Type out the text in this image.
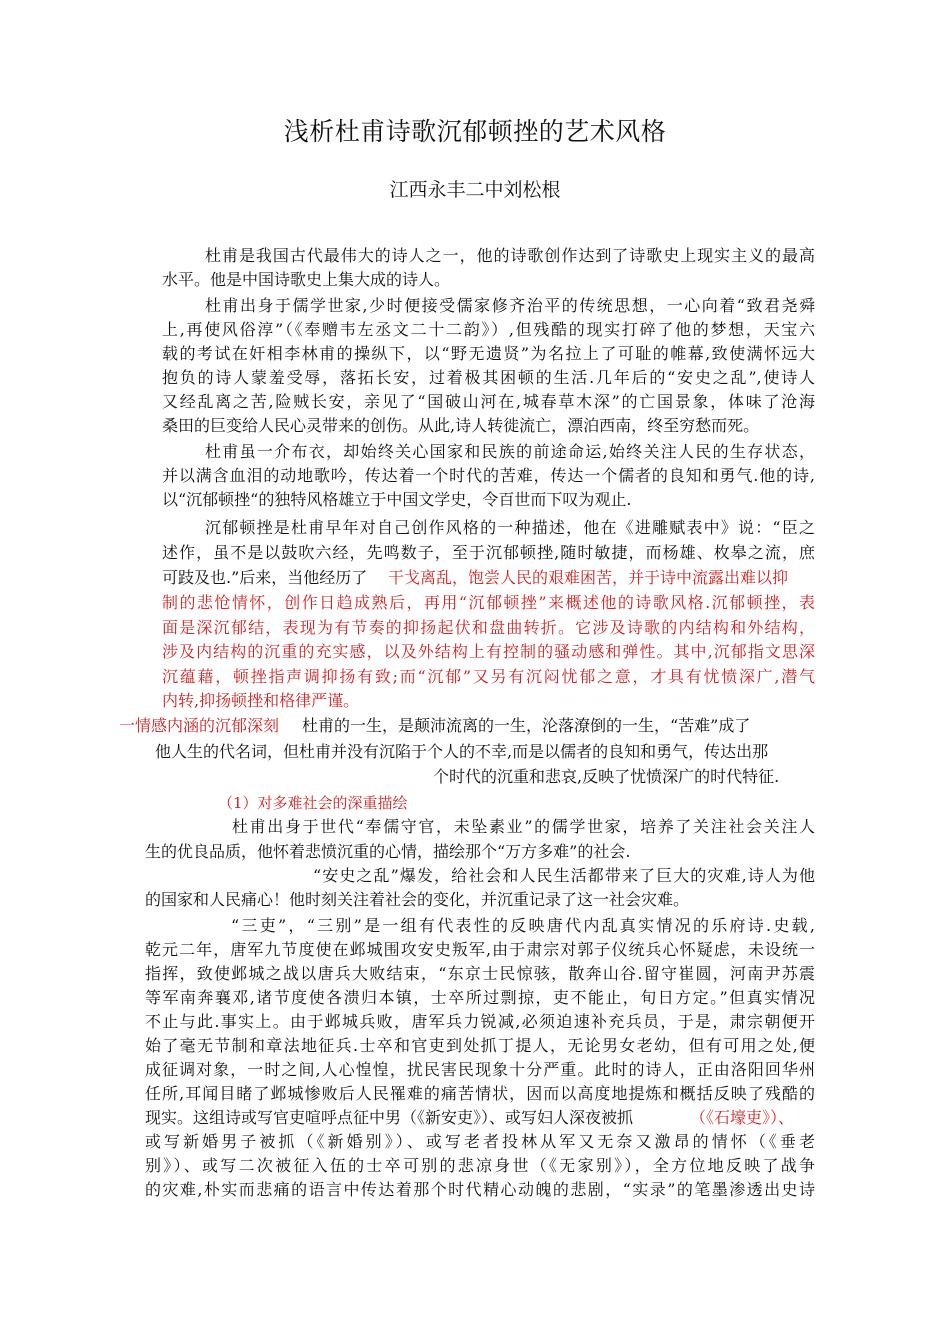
浅析杜甫诗歌沉郁顿挫的艺术风格
江西永丰二中刘松根
杜甫是我国古代最伟大的诗人之一，他的诗歌创作达到了诗歌史上现实主义的最高
水平。他是中国诗歌史上集大成的诗人。
杜甫出身于儒学世家,少时便接受儒家修齐治平的传统思想，一心向着“致君尧舜
上,再使风俗淳”（《奉赠韦左丞文二十二韵》）,但残酷的现实打碎了他的梦想，天宝六
载的考试在奸相李林甫的操纵下，以“野无遗贤”为名拉上了可耻的帷幕,致使满怀远大
抱负的诗人蒙羞受辱，落拓长安，过着极其困顿的生活.几年后的“安史之乱”,使诗人
又经乱离之苦,险贼长安，亲见了“国破山河在,城春草木深”的亡国景象，体味了沧海
桑田的巨变给人民心灵带来的创伤。从此,诗人转徙流亡，漂泊西南，终至穷愁而死。
杜甫虽一介布衣，却始终关心国家和民族的前途命运,始终关注人民的生存状态，
并以满含血泪的动地歌吟，传达着一个时代的苦难，传达一个儒者的良知和勇气.他的诗,
以“沉郁顿挫“的独特风格雄立于中国文学史，令百世而下叹为观止.
沉郁顿挫是杜甫早年对自己创作风格的一种描述，他在《进雕赋表中》说：“臣之
述作，虽不是以鼓吹六经，先鸣数子，至于沉郁顿挫,随时敏捷，而杨雄、枚皋之流，庶
可跂及也.”后来，当他经历了 干戈离乱，饱尝人民的艰难困苦，并于诗中流露出难以抑
制的悲怆情怀，创作日趋成熟后，再用“沉郁顿挫”来概述他的诗歌风格.沉郁顿挫，表
面是深沉郁结，表现为有节奏的抑扬起伏和盘曲转折。它涉及诗歌的内结构和外结构，
涉及内结构的沉重的充实感，以及外结构上有控制的骚动感和弹性。其中,沉郁指文思深
沉蕴藉，顿挫指声调抑扬有致;而“沉郁”又另有沉闷忧郁之意，才具有忧愤深广,潜气
内转,抑扬顿挫和格律严谨。
一情感内涵的沉郁深刻 杜甫的一生，是颠沛流离的一生，沦落潦倒的一生，“苦难”成了
他人生的代名词，但杜甫并没有沉陷于个人的不幸,而是以儒者的良知和勇气，传达出那
个时代的沉重和悲哀,反映了忧愤深广的时代特征.
（1）对多难社会的深重描绘
杜甫出身于世代“奉儒守官，未坠素业”的儒学世家，培养了关注社会关注人
生的优良品质，他怀着悲愤沉重的心情，描绘那个“万方多难”的社会.
“安史之乱”爆发，给社会和人民生活都带来了巨大的灾难,诗人为他
的国家和人民痛心！他时刻关注着社会的变化，并沉重记录了这一社会灾难。
“三吏”，“三别”是一组有代表性的反映唐代内乱真实情况的乐府诗.史载,
乾元二年，唐军九节度使在邺城围攻安史叛军,由于肃宗对郭子仪统兵心怀疑虑，未设统一
指挥，致使邺城之战以唐兵大败结束，“东京士民惊骇，散奔山谷.留守崔圆，河南尹苏震
等军南奔襄邓,诸节度使各溃归本镇，士卒所过剽掠，吏不能止，旬日方定。”但真实情况
不止与此.事实上。由于邺城兵败，唐军兵力锐减,必须迫速补充兵员，于是，肃宗朝便开
始了毫无节制和章法地征兵.士卒和官吏到处抓丁提人，无论男女老幼，但有可用之处,便
成征调对象，一时之间,人心惶惶，扰民害民现象十分严重。此时的诗人，正由洛阳回华州
任所,耳闻目睹了邺城惨败后人民罹难的痛苦情状，因而以高度地提炼和概括反映了残酷的
现实。这组诗或写官吏喧呼点征中男（《新安吏》）、或写妇人深夜被抓	（《石壕吏》）、
或写新婚男子被抓（《新婚别》）、或写老者投林从军又无奈又激昂的情怀（《垂老
别》）、或写二次被征入伍的士卒可别的悲凉身世（《无家别》），全方位地反映了战争
的灾难,朴实而悲痛的语言中传达着那个时代精心动魄的悲剧，“实录”的笔墨渗透出史诗
